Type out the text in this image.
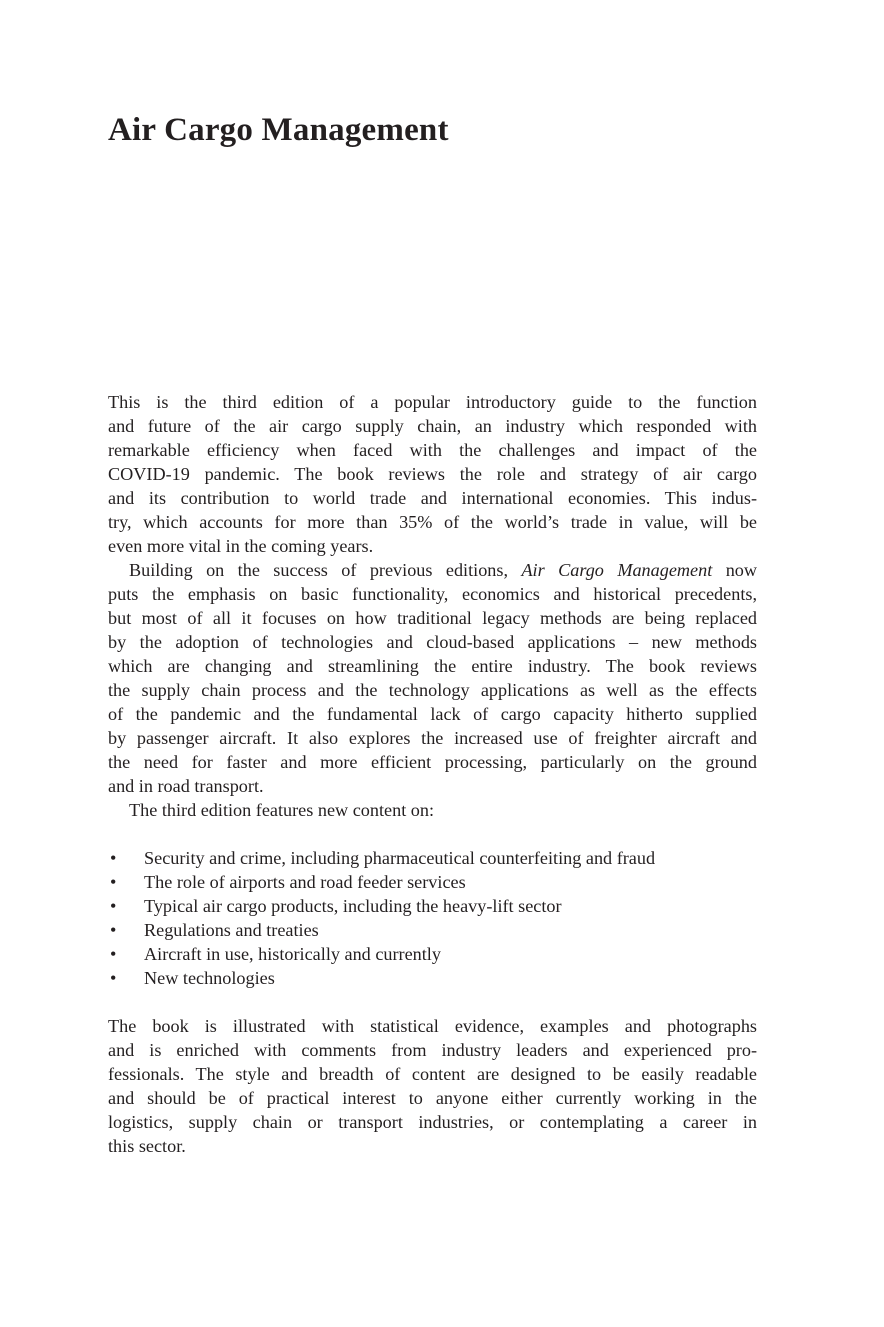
Air Cargo Management
This is the third edition of a popular introductory guide to the function
and future of the air cargo supply chain, an industry which responded with
remarkable efficiency when faced with the challenges and impact of the
COVID-19 pandemic. The book reviews the role and strategy of air cargo
and its contribution to world trade and international economies. This indus-
try, which accounts for more than 35% of the world’s trade in value, will be
even more vital in the coming years.
Building on the success of previous editions, Air Cargo Management now
puts the emphasis on basic functionality, economics and historical precedents,
but most of all it focuses on how traditional legacy methods are being replaced
by the adoption of technologies and cloud-based applications – new methods
which are changing and streamlining the entire industry. The book reviews
the supply chain process and the technology applications as well as the effects
of the pandemic and the fundamental lack of cargo capacity hitherto supplied
by passenger aircraft. It also explores the increased use of freighter aircraft and
the need for faster and more efficient processing, particularly on the ground
and in road transport.
The third edition features new content on:
• Security and crime, including pharmaceutical counterfeiting and fraud
• The role of airports and road feeder services
• Typical air cargo products, including the heavy-lift sector
• Regulations and treaties
• Aircraft in use, historically and currently
• New technologies
The book is illustrated with statistical evidence, examples and photographs
and is enriched with comments from industry leaders and experienced pro-
fessionals. The style and breadth of content are designed to be easily readable
and should be of practical interest to anyone either currently working in the
logistics, supply chain or transport industries, or contemplating a career in
this sector.
